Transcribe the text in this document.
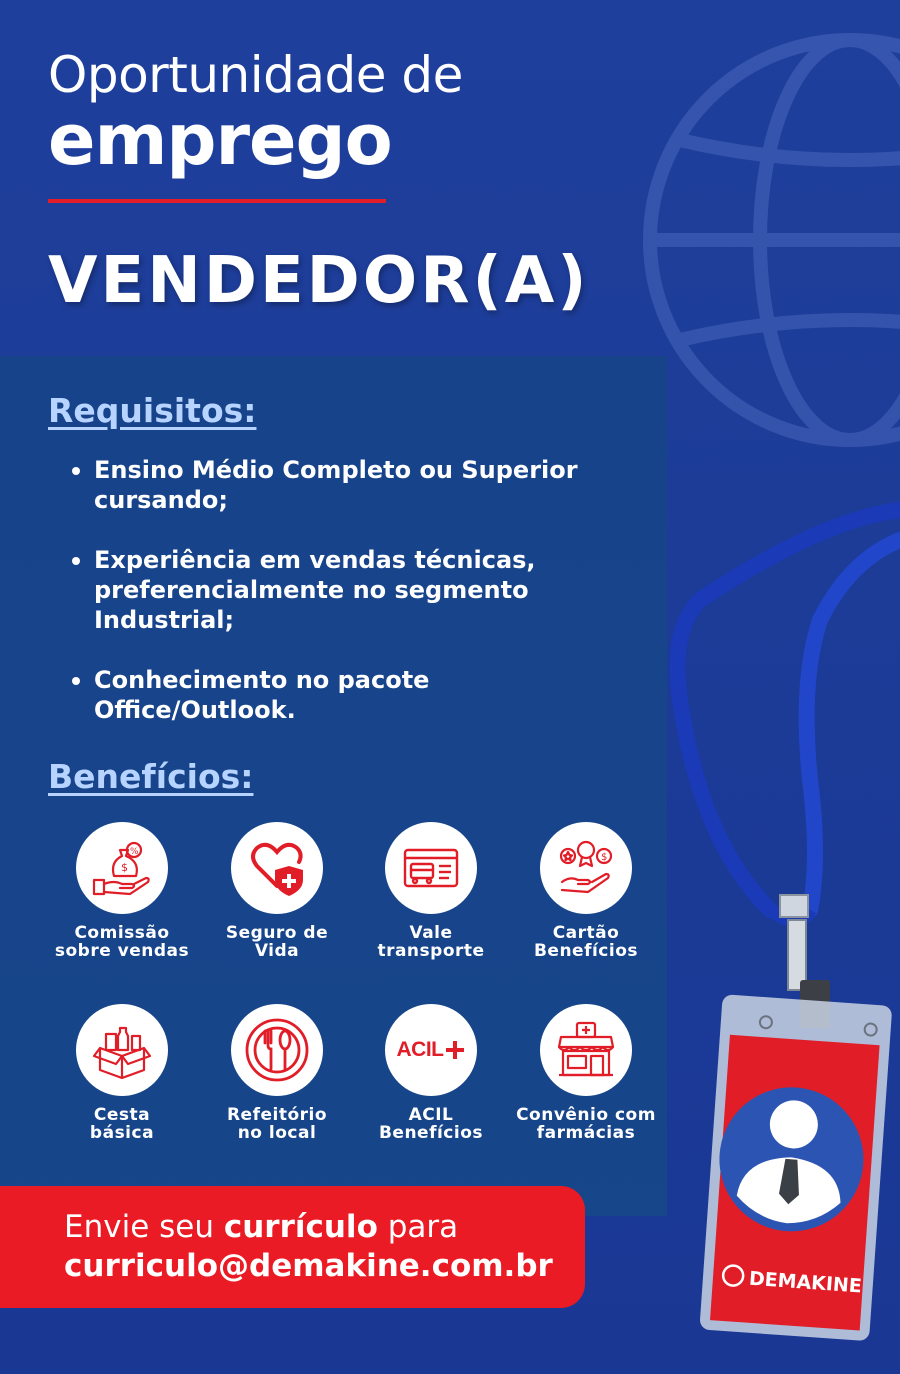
Oportunidade de
emprego
VENDEDOR(A)
Requisitos:
Ensino Médio Completo ou Superior cursando;
Experiência em vendas técnicas, preferencialmente no segmento Industrial;
Conhecimento no pacote Office/Outlook.
Benefícios:
%
$
Comissão
sobre vendas
Seguro de
Vida
Vale
transporte
$
Cartão
Benefícios
Cesta
básica
Refeitório
no local
ACIL
ACIL
Benefícios
Convênio com
farmácias
Envie seu currículo para
curriculo@demakine.com.br	DEMAKINE
